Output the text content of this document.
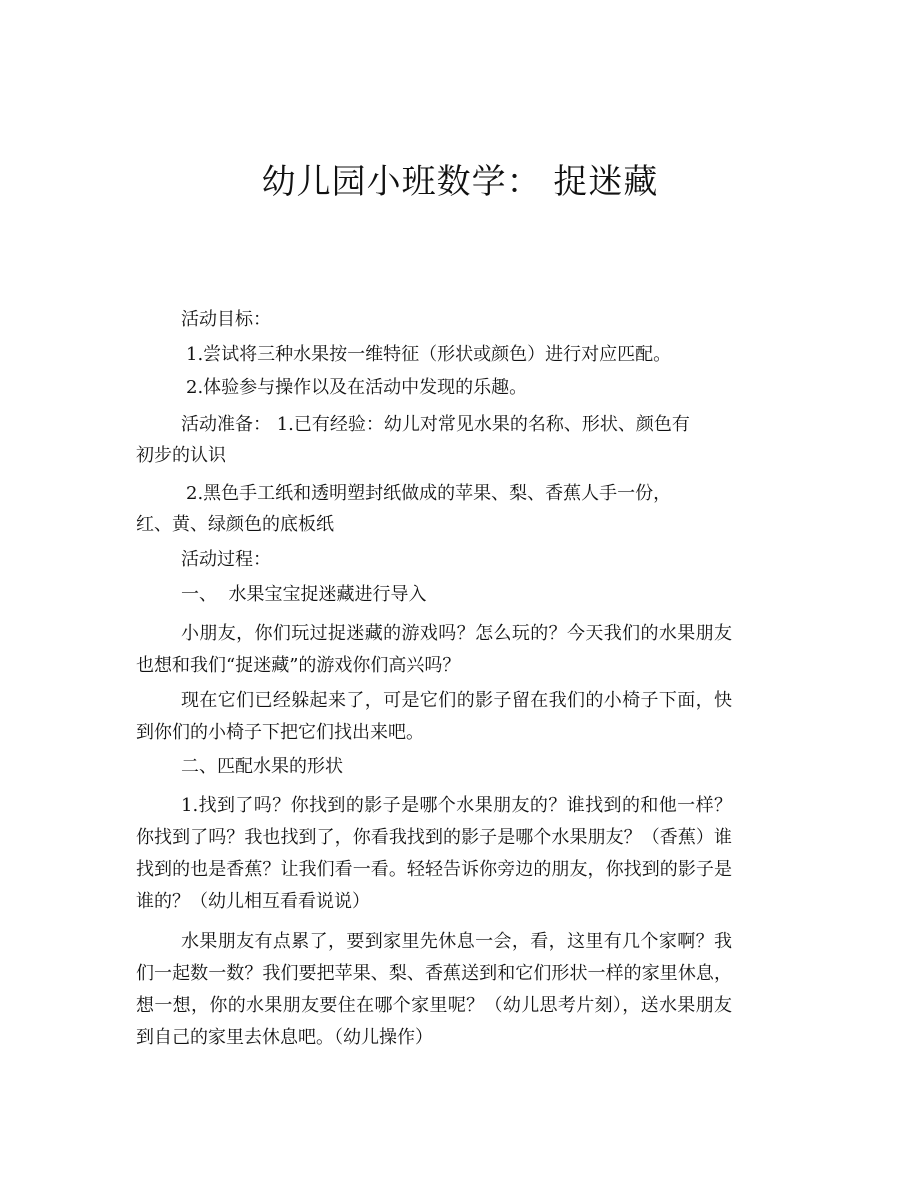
幼儿园小班数学： 捉迷藏
活动目标：
1.尝试将三种水果按一维特征（形状或颜色）进行对应匹配。
2.体验参与操作以及在活动中发现的乐趣。
活动准备： 1.已有经验：幼儿对常见水果的名称、形状、颜色有
初步的认识
2.黑色手工纸和透明塑封纸做成的苹果、梨、香蕉人手一份，
红、黄、绿颜色的底板纸
活动过程：
一、  水果宝宝捉迷藏进行导入
小朋友，你们玩过捉迷藏的游戏吗？怎么玩的？今天我们的水果朋友也想和我们“捉迷藏”的游戏你们高兴吗？
现在它们已经躲起来了，可是它们的影子留在我们的小椅子下面，快到你们的小椅子下把它们找出来吧。
二、匹配水果的形状
1.找到了吗？你找到的影子是哪个水果朋友的？谁找到的和他一样？你找到了吗？我也找到了，你看我找到的影子是哪个水果朋友？（香蕉）谁找到的也是香蕉？让我们看一看。轻轻告诉你旁边的朋友，你找到的影子是谁的？（幼儿相互看看说说）
水果朋友有点累了，要到家里先休息一会，看，这里有几个家啊？我们一起数一数？我们要把苹果、梨、香蕉送到和它们形状一样的家里休息，想一想，你的水果朋友要住在哪个家里呢？（幼儿思考片刻），送水果朋友到自己的家里去休息吧。（幼儿操作）
